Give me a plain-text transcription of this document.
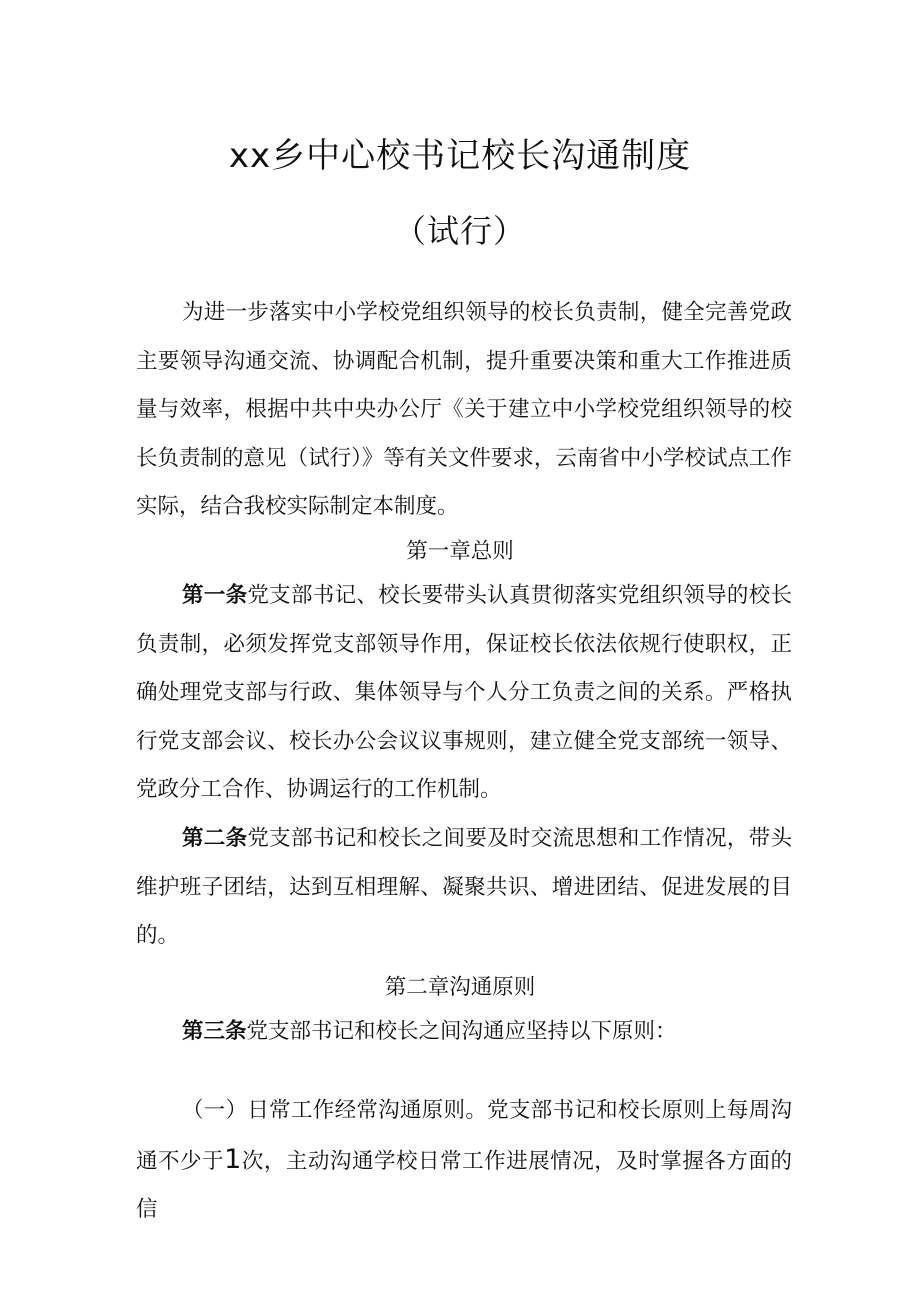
xx乡中心校书记校长沟通制度
（试行）

为进一步落实中小学校党组织领导的校长负责制，健全完善党政主要领导沟通交流、协调配合机制，提升重要决策和重大工作推进质量与效率，根据中共中央办公厅《关于建立中小学校党组织领导的校长负责制的意见（试行）》等有关文件要求，云南省中小学校试点工作实际，结合我校实际制定本制度。

第一章总则

第一条党支部书记、校长要带头认真贯彻落实党组织领导的校长负责制，必须发挥党支部领导作用，保证校长依法依规行使职权，正确处理党支部与行政、集体领导与个人分工负责之间的关系。严格执行党支部会议、校长办公会议议事规则，建立健全党支部统一领导、党政分工合作、协调运行的工作机制。

第二条党支部书记和校长之间要及时交流思想和工作情况，带头维护班子团结，达到互相理解、凝聚共识、增进团结、促进发展的目的。

第二章沟通原则

第三条党支部书记和校长之间沟通应坚持以下原则：

（一）日常工作经常沟通原则。党支部书记和校长原则上每周沟通不少于1次，主动沟通学校日常工作进展情况，及时掌握各方面的信
